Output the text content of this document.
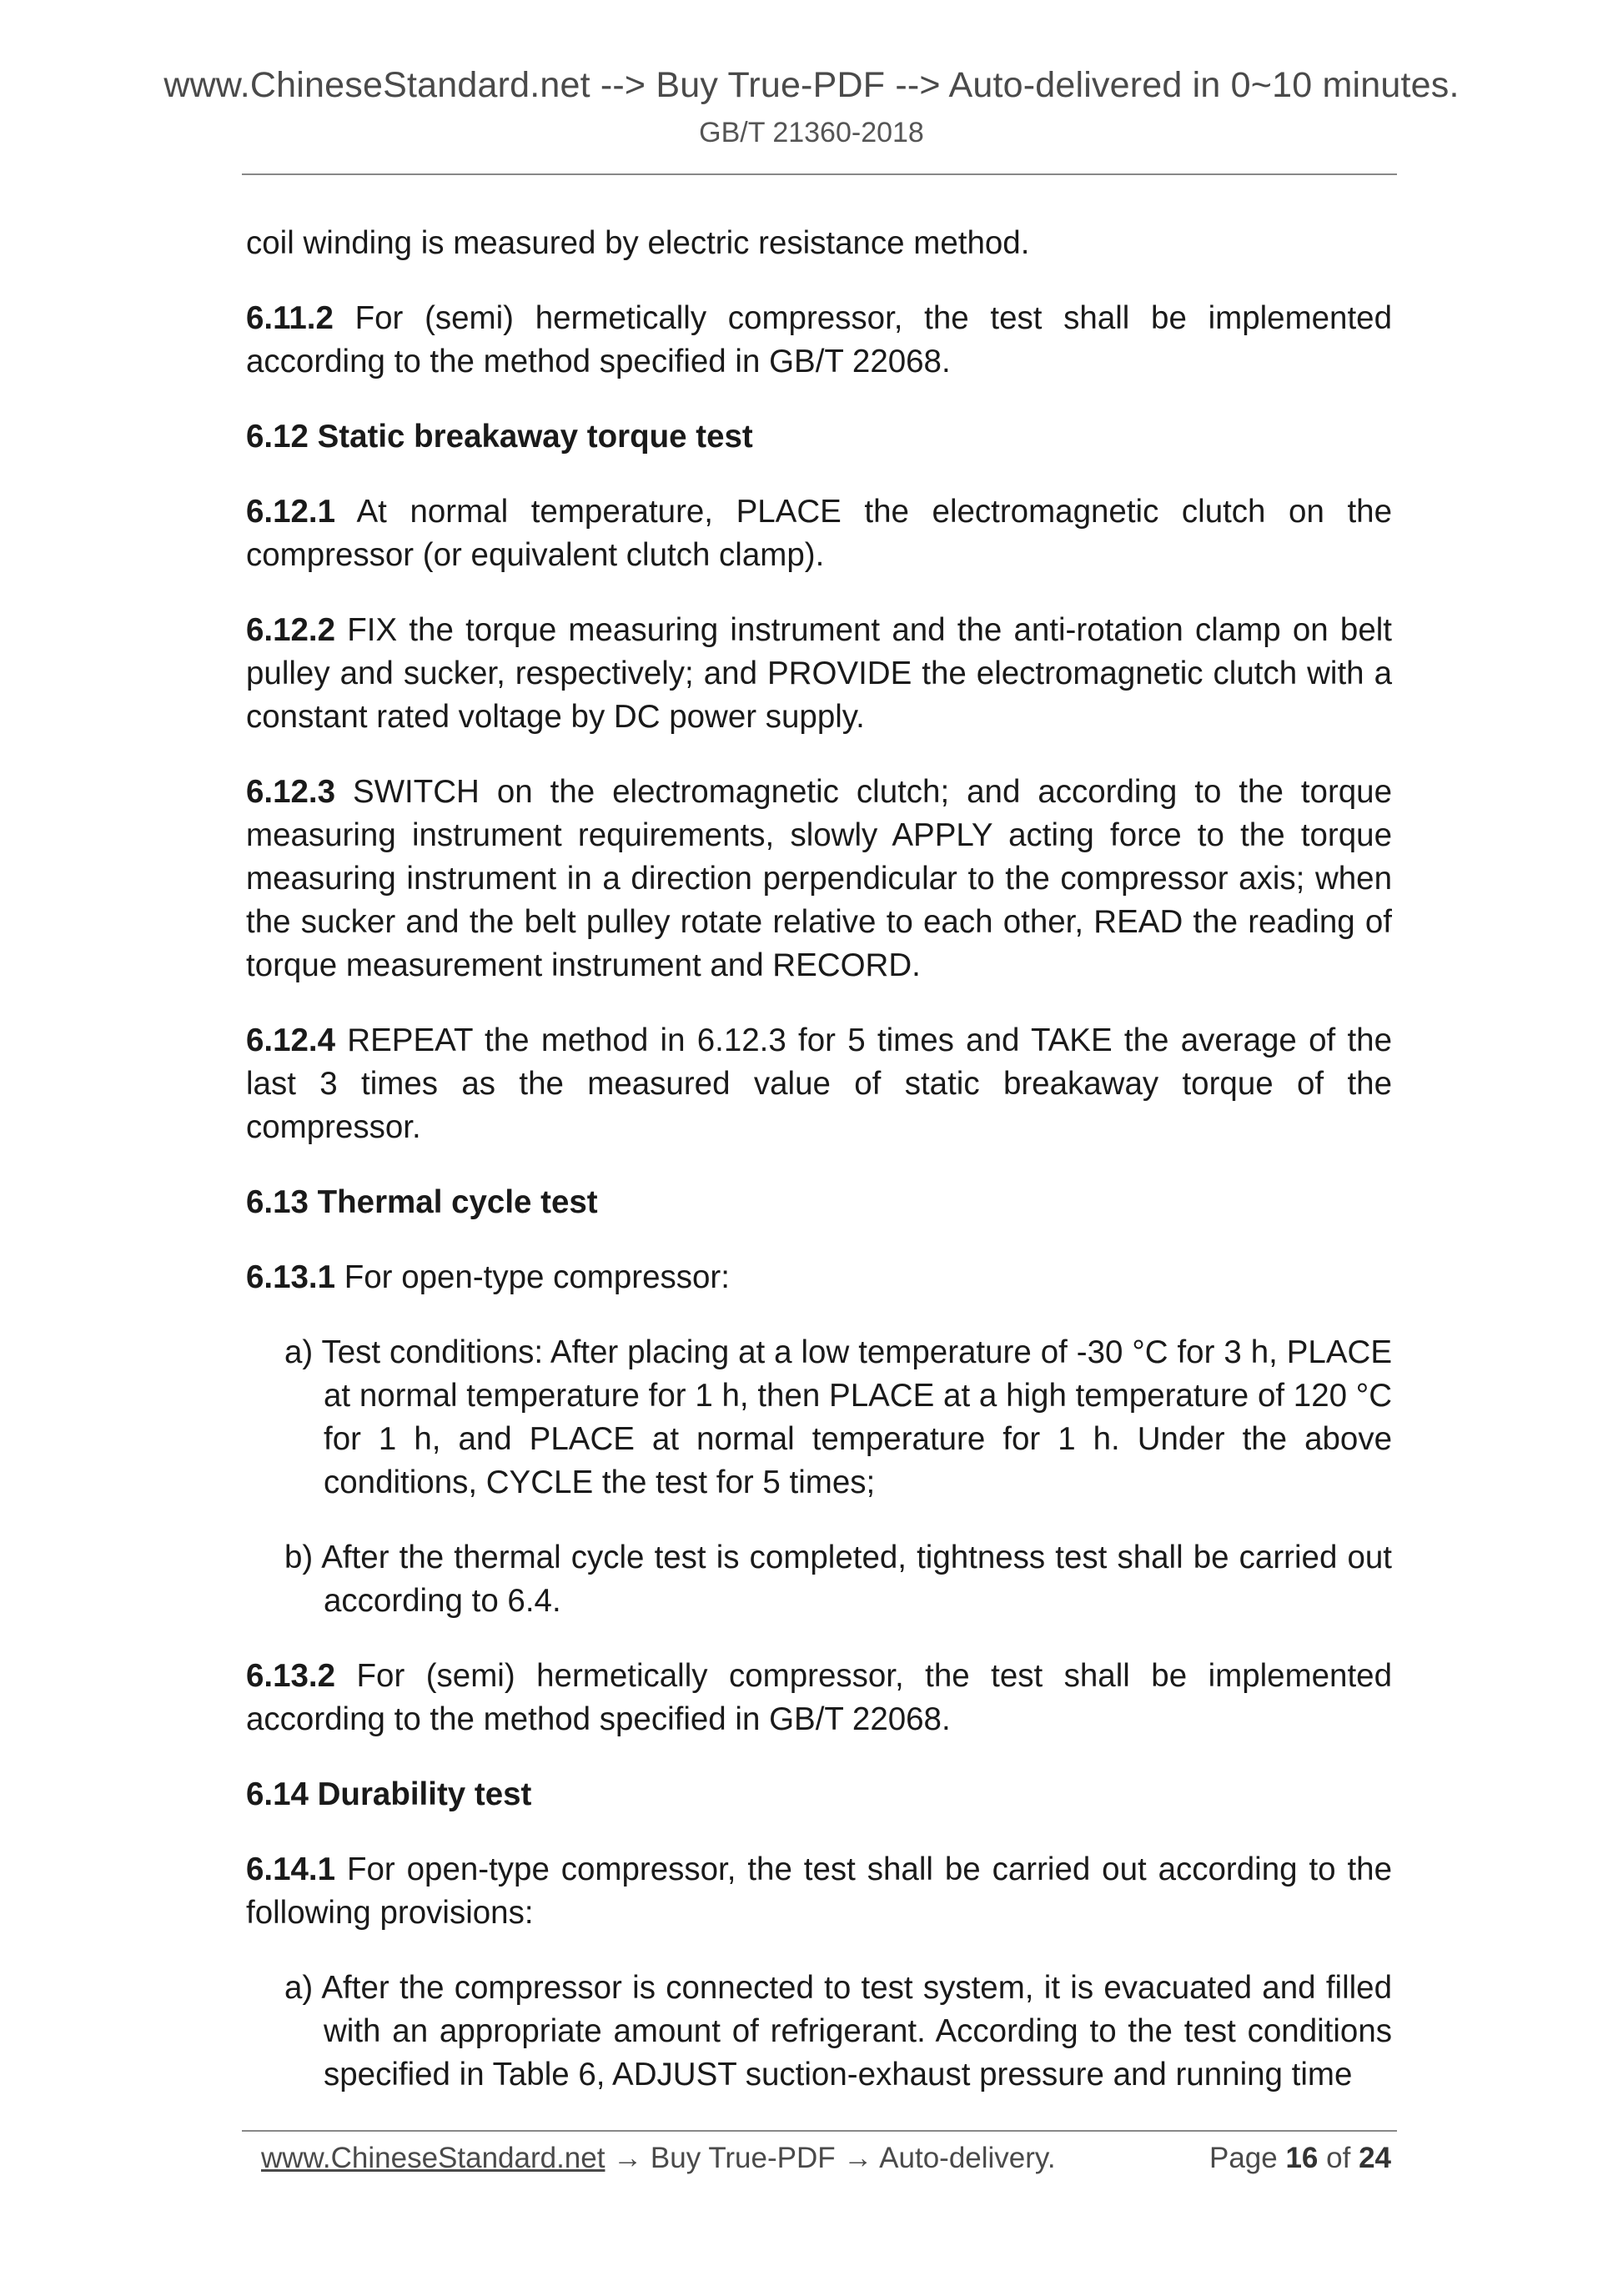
www.ChineseStandard.net --> Buy True-PDF --> Auto-delivered in 0~10 minutes.
GB/T 21360-2018

coil winding is measured by electric resistance method.

6.11.2 For (semi) hermetically compressor, the test shall be implemented according to the method specified in GB/T 22068.

6.12 Static breakaway torque test

6.12.1 At normal temperature, PLACE the electromagnetic clutch on the compressor (or equivalent clutch clamp).

6.12.2 FIX the torque measuring instrument and the anti-rotation clamp on belt pulley and sucker, respectively; and PROVIDE the electromagnetic clutch with a constant rated voltage by DC power supply.

6.12.3 SWITCH on the electromagnetic clutch; and according to the torque measuring instrument requirements, slowly APPLY acting force to the torque measuring instrument in a direction perpendicular to the compressor axis; when the sucker and the belt pulley rotate relative to each other, READ the reading of torque measurement instrument and RECORD.

6.12.4 REPEAT the method in 6.12.3 for 5 times and TAKE the average of the last 3 times as the measured value of static breakaway torque of the compressor.

6.13 Thermal cycle test

6.13.1 For open-type compressor:

a) Test conditions: After placing at a low temperature of -30 °C for 3 h, PLACE at normal temperature for 1 h, then PLACE at a high temperature of 120 °C for 1 h, and PLACE at normal temperature for 1 h. Under the above conditions, CYCLE the test for 5 times;

b) After the thermal cycle test is completed, tightness test shall be carried out according to 6.4.

6.13.2 For (semi) hermetically compressor, the test shall be implemented according to the method specified in GB/T 22068.

6.14 Durability test

6.14.1 For open-type compressor, the test shall be carried out according to the following provisions:

a) After the compressor is connected to test system, it is evacuated and filled with an appropriate amount of refrigerant. According to the test conditions specified in Table 6, ADJUST suction-exhaust pressure and running time

www.ChineseStandard.net → Buy True-PDF → Auto-delivery.	Page 16 of 24
